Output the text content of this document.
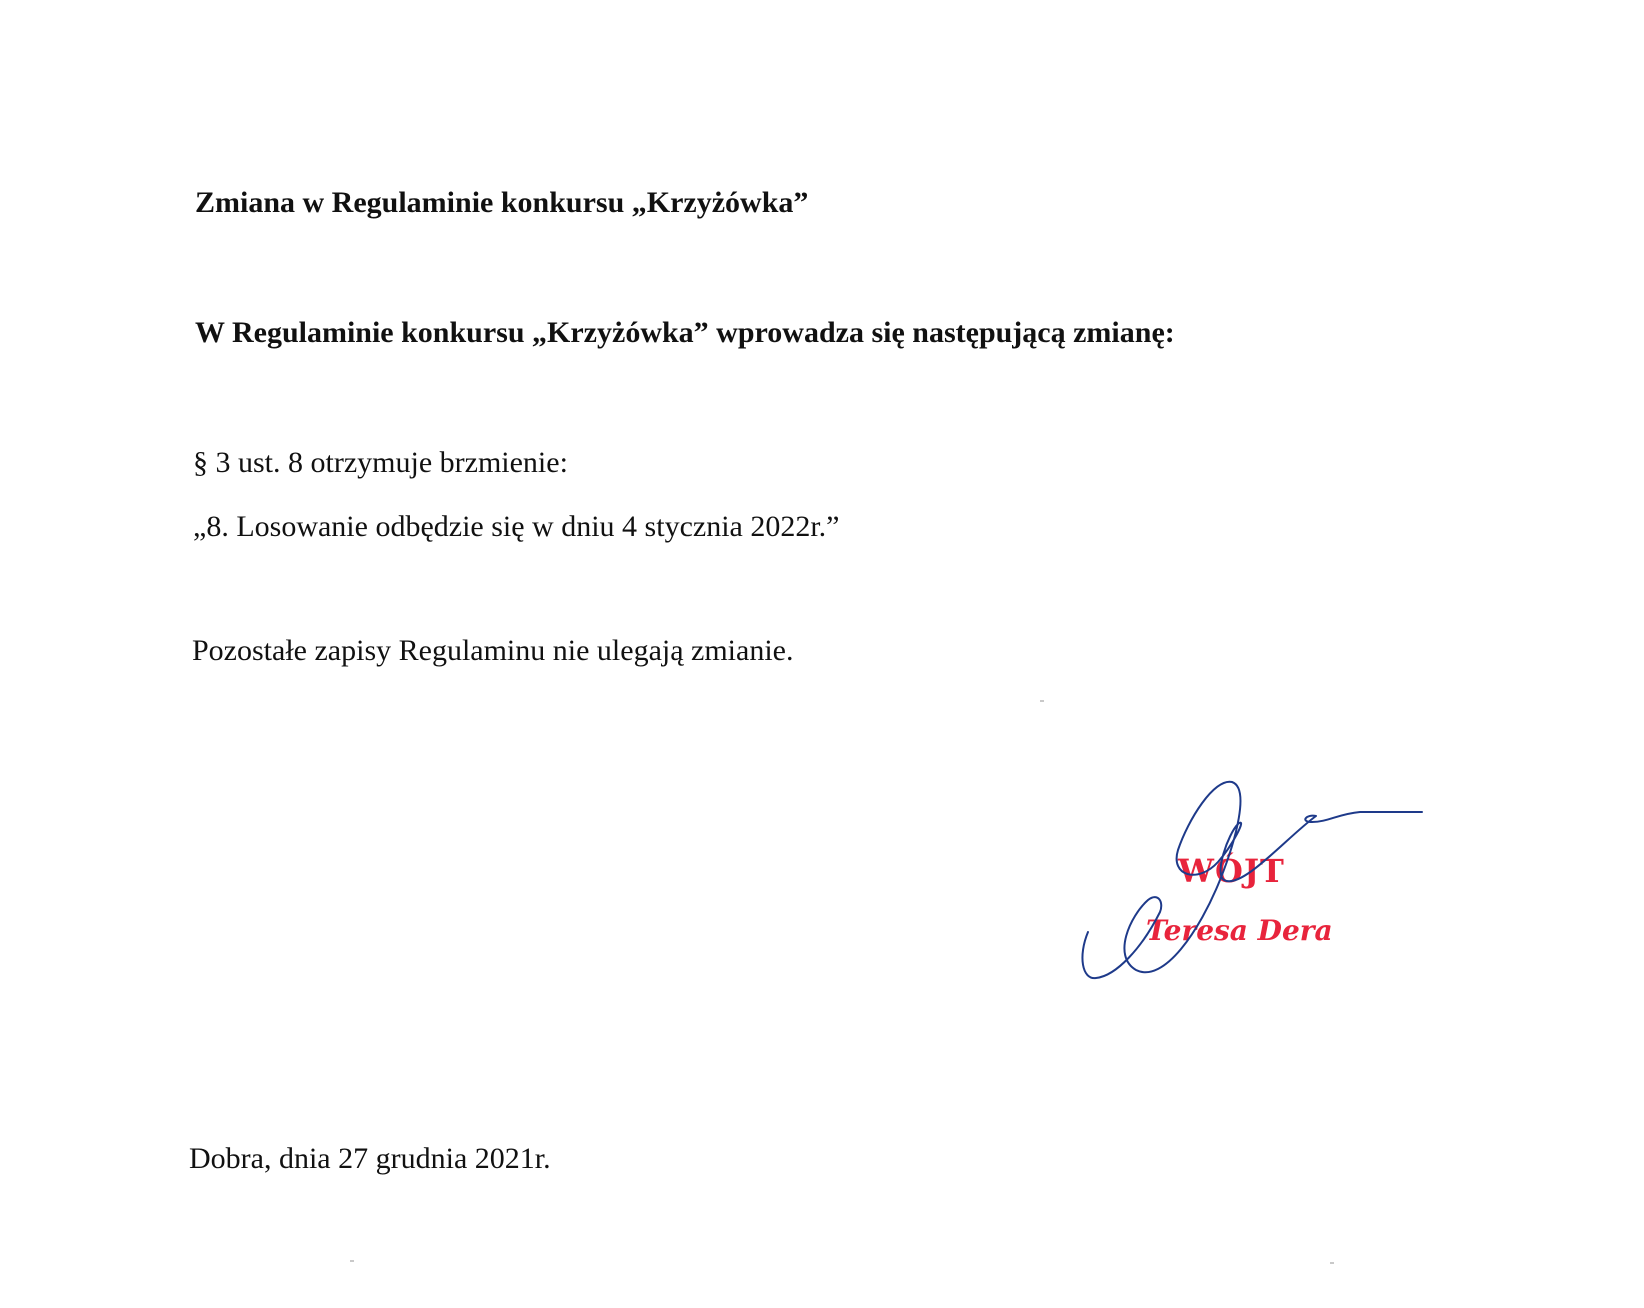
Zmiana w Regulaminie konkursu „Krzyżówka”

W Regulaminie konkursu „Krzyżówka” wprowadza się następującą zmianę:

§ 3 ust. 8 otrzymuje brzmienie:

„8. Losowanie odbędzie się w dniu 4 stycznia 2022r.”

Pozostałe zapisy Regulaminu nie ulegają zmianie.

WÓJT
Teresa Dera

Dobra, dnia 27 grudnia 2021r.
